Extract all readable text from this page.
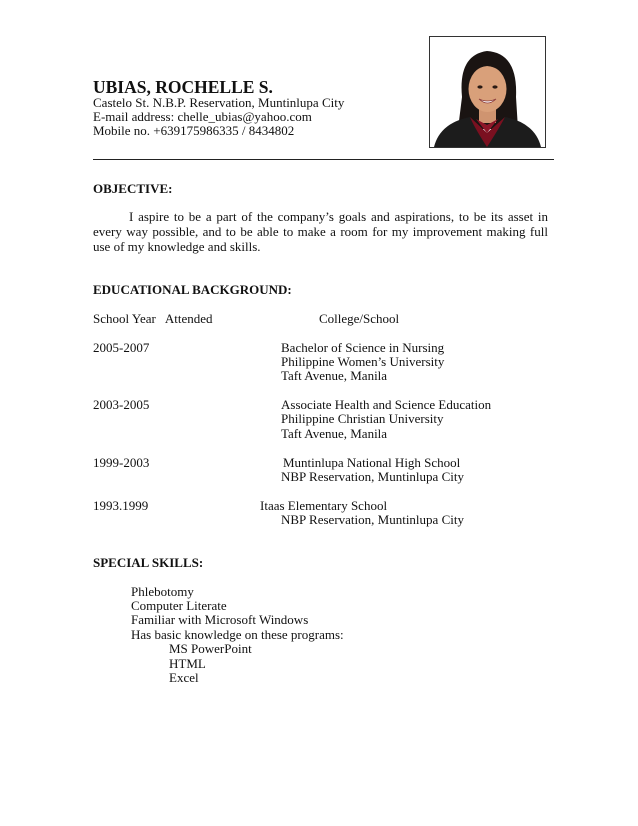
UBIAS, ROCHELLE S.
Castelo St. N.B.P. Reservation, Muntinlupa City
E-mail address: chelle_ubias@yahoo.com
Mobile no. +639175986335 / 8434802
OBJECTIVE:
I aspire to be a part of the company’s goals and aspirations, to be its asset in every way possible, and to be able to make a room for my improvement making full use of my knowledge and skills.
EDUCATIONAL BACKGROUND:
School Year   Attended	College/School
2005-2007	Bachelor of Science in Nursing
Philippine Women’s University
Taft Avenue, Manila
2003-2005	Associate Health and Science Education
Philippine Christian University
Taft Avenue, Manila
1999-2003	Muntinlupa National High School
NBP Reservation, Muntinlupa City
1993.1999	Itaas Elementary School
NBP Reservation, Muntinlupa City
SPECIAL SKILLS:
Phlebotomy
Computer Literate
Familiar with Microsoft Windows
Has basic knowledge on these programs:
MS PowerPoint
HTML
Excel
